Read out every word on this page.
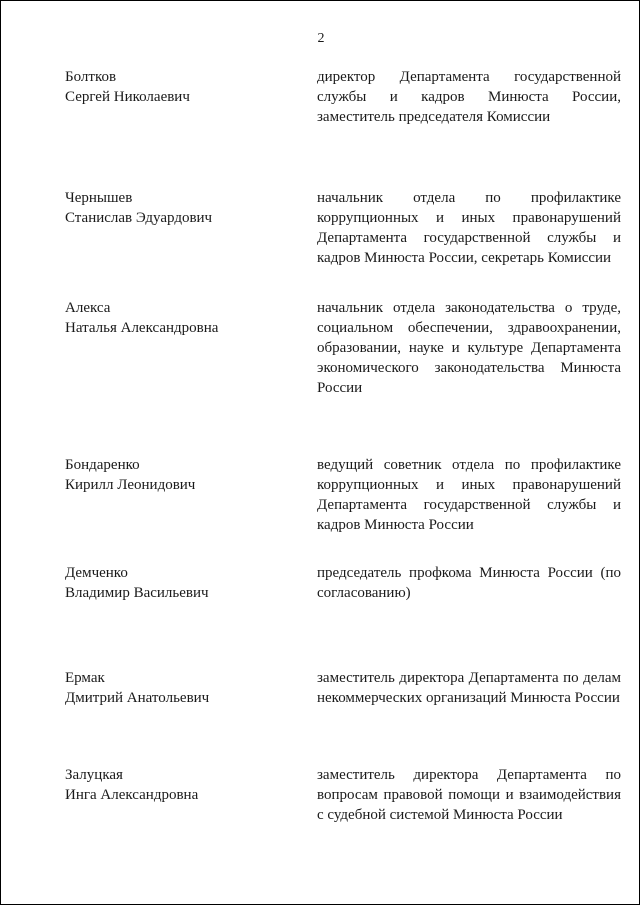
2
Болтков
Сергей Николаевич
директор Департамента государственной службы и кадров Минюста России, заместитель председателя Комиссии
Чернышев
Станислав Эдуардович
начальник отдела по профилактике коррупционных и иных правонарушений Департамента государственной службы и кадров Минюста России, секретарь Комиссии
Алекса
Наталья Александровна
начальник отдела законодательства о труде, социальном обеспечении, здравоохранении, образовании, науке и культуре Департамента экономического законодательства Минюста России
Бондаренко
Кирилл Леонидович
ведущий советник отдела по профилактике коррупционных и иных правонарушений Департамента государственной службы и кадров Минюста России
Демченко
Владимир Васильевич
председатель профкома Минюста России (по согласованию)
Ермак
Дмитрий Анатольевич
заместитель директора Департамента по делам некоммерческих организаций Минюста России
Залуцкая
Инга Александровна
заместитель директора Департамента по вопросам правовой помощи и взаимодействия с судебной системой Минюста России
